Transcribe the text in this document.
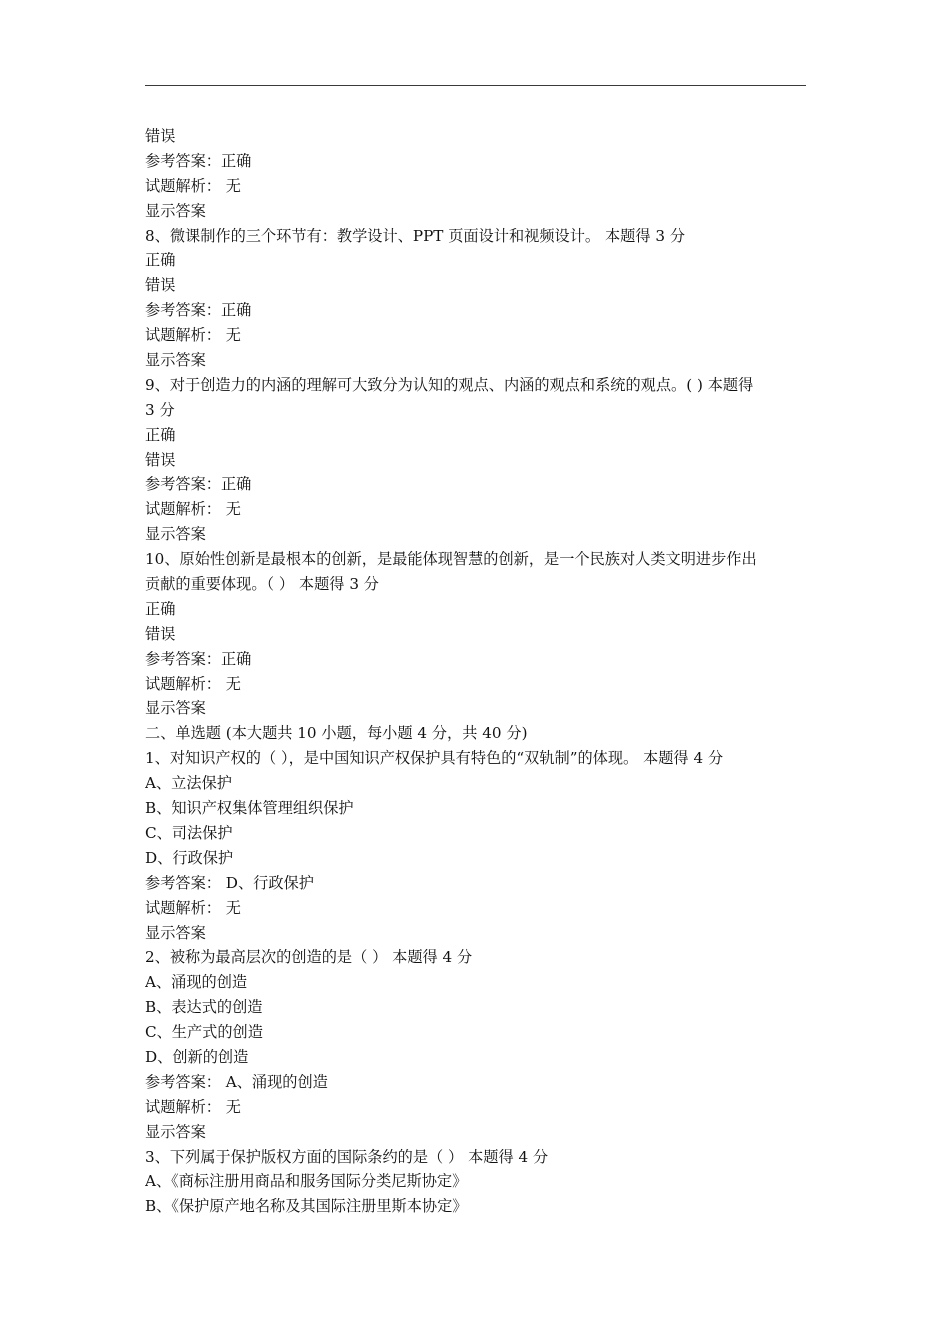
错误
参考答案：正确
试题解析： 无
显示答案
8、微课制作的三个环节有：教学设计、PPT 页面设计和视频设计。 本题得 3 分
正确
错误
参考答案：正确
试题解析： 无
显示答案
9、对于创造力的内涵的理解可大致分为认知的观点、内涵的观点和系统的观点。( ) 本题得
3 分
正确
错误
参考答案：正确
试题解析： 无
显示答案
10、原始性创新是最根本的创新，是最能体现智慧的创新，是一个民族对人类文明进步作出
贡献的重要体现。（ ） 本题得 3 分
正确
错误
参考答案：正确
试题解析： 无
显示答案
二、单选题 (本大题共 10 小题，每小题 4 分，共 40 分)
1、对知识产权的（ ），是中国知识产权保护具有特色的“双轨制”的体现。 本题得 4 分
A、立法保护
B、知识产权集体管理组织保护
C、司法保护
D、行政保护
参考答案： D、行政保护
试题解析： 无
显示答案
2、被称为最高层次的创造的是（ ） 本题得 4 分
A、涌现的创造
B、表达式的创造
C、生产式的创造
D、创新的创造
参考答案： A、涌现的创造
试题解析： 无
显示答案
3、下列属于保护版权方面的国际条约的是（ ） 本题得 4 分
A、《商标注册用商品和服务国际分类尼斯协定》
B、《保护原产地名称及其国际注册里斯本协定》
